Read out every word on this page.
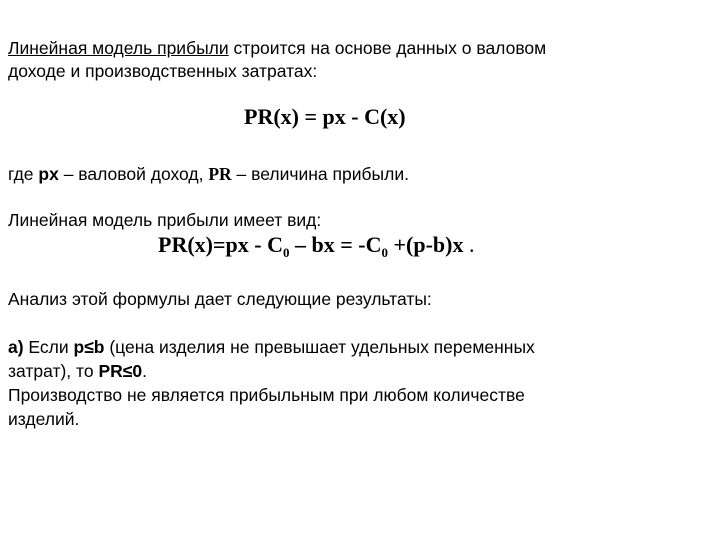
Линейная модель прибыли строится на основе данных о валовом
доходе и производственных затратах:
PR(x) = px - C(x)
где px – валовой доход, PR – величина прибыли.
Линейная модель прибыли имеет вид:
$PR(x)=px - C_0$ – bx = $-C_0 +(p-b)x$ .
Анализ этой формулы дает следующие результаты:
a) Если p≤b (цена изделия не превышает удельных переменных
затрат), то PR≤0.
Производство не является прибыльным при любом количестве
изделий.
